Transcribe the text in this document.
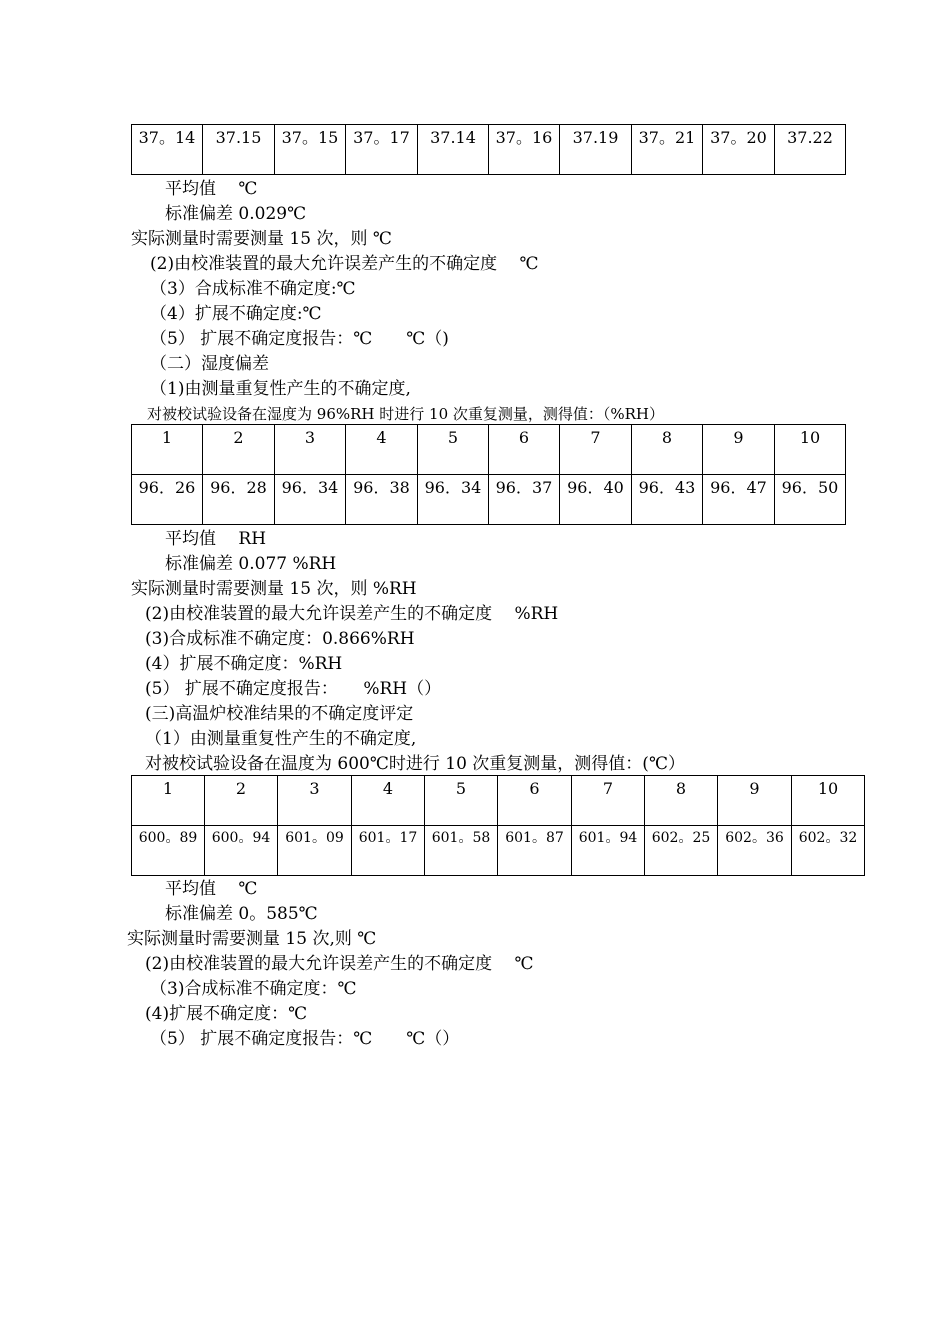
37。14	37.15	37。15	37。17	37.14	37。16	37.19	37。21	37。20	37.22
平均值　 ℃
标准偏差 0.029℃
实际测量时需要测量 15 次，则 ℃
(2)由校准装置的最大允许误差产生的不确定度　 ℃
（3）合成标准不确定度:℃
（4）扩展不确定度:℃
（5） 扩展不确定度报告：℃　　℃（)
（二）湿度偏差
（1)由测量重复性产生的不确定度,
对被校试验设备在湿度为 96%RH 时进行 10 次重复测量，测得值：（%RH）
1	2	3	4	5	6	7	8	9	10
96．26	96．28	96．34	96．38	96．34	96．37	96．40	96．43	96．47	96．50
平均值　 RH
标准偏差 0.077 %RH
实际测量时需要测量 15 次，则 %RH
(2)由校准装置的最大允许误差产生的不确定度　 %RH
(3)合成标准不确定度：0.866%RH
(4）扩展不确定度：%RH
(5） 扩展不确定度报告：　　%RH（）
(三)高温炉校准结果的不确定度评定
（1）由测量重复性产生的不确定度,
对被校试验设备在温度为 600℃时进行 10 次重复测量，测得值：(℃）
1	2	3	4	5	6	7	8	9	10
600。89	600。94	601。09	601。17	601。58	601。87	601。94	602。25	602。36	602。32
平均值　 ℃
标准偏差 0。585℃
实际测量时需要测量 15 次,则 ℃
(2)由校准装置的最大允许误差产生的不确定度　 ℃
（3)合成标准不确定度：℃
(4)扩展不确定度：℃
（5） 扩展不确定度报告：℃　　℃（）
